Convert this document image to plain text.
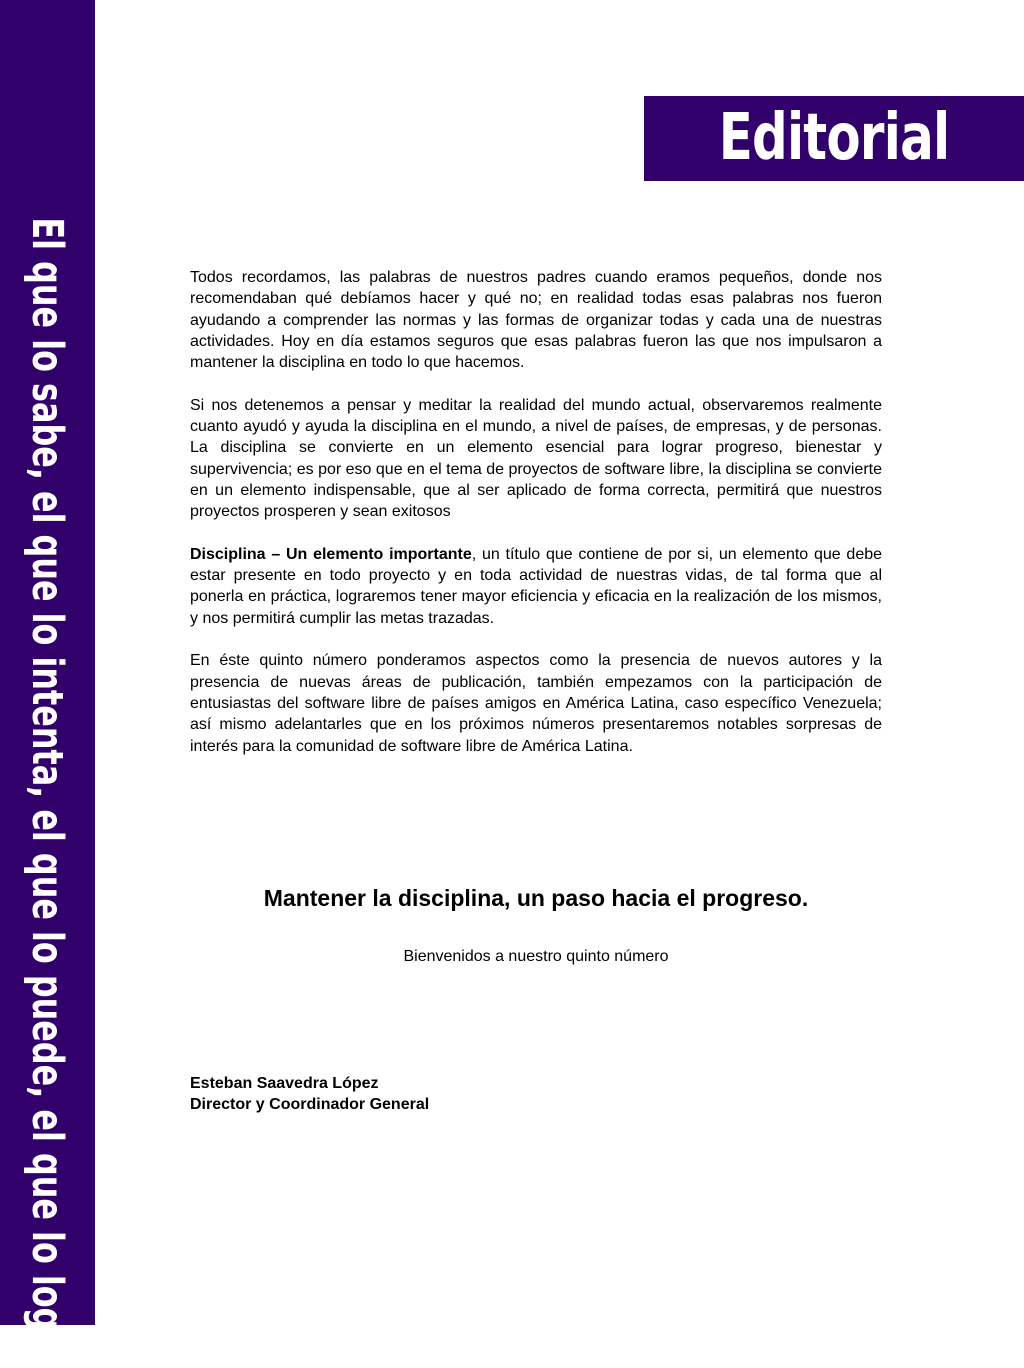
El que lo sabe, el que lo intenta, el que lo puede, el que lo logra
Editorial

Todos recordamos, las palabras de nuestros padres cuando eramos pequeños, donde nos recomendaban qué debíamos hacer y qué no; en realidad todas esas palabras nos fueron ayudando a comprender las normas y las formas de organizar todas y cada una de nuestras actividades. Hoy en día estamos seguros que esas palabras fueron las que nos impulsaron a mantener la disciplina en todo lo que hacemos.

Si nos detenemos a pensar y meditar la realidad del mundo actual, observaremos realmente cuanto ayudó y ayuda la disciplina en el mundo, a nivel de países, de empresas, y de personas. La disciplina se convierte en un elemento esencial para lograr progreso, bienestar y supervivencia; es por eso que en el tema de proyectos de software libre, la disciplina se convierte en un elemento indispensable, que al ser aplicado de forma correcta, permitirá que nuestros proyectos prosperen y sean exitosos

Disciplina – Un elemento importante, un título que contiene de por si, un elemento que debe estar presente en todo proyecto y en toda actividad de nuestras vidas, de tal forma que al ponerla en práctica, lograremos tener mayor eficiencia y eficacia en la realización de los mismos, y nos permitirá cumplir las metas trazadas.

En éste quinto número ponderamos aspectos como la presencia de nuevos autores y la presencia de nuevas áreas de publicación, también empezamos con la participación de entusiastas del software libre de países amigos en América Latina, caso específico Venezuela; así mismo adelantarles que en los próximos números presentaremos notables sorpresas de interés para la comunidad de software libre de América Latina.

Mantener la disciplina, un paso hacia el progreso.
Bienvenidos a nuestro quinto número
Esteban Saavedra López
Director y Coordinador General
